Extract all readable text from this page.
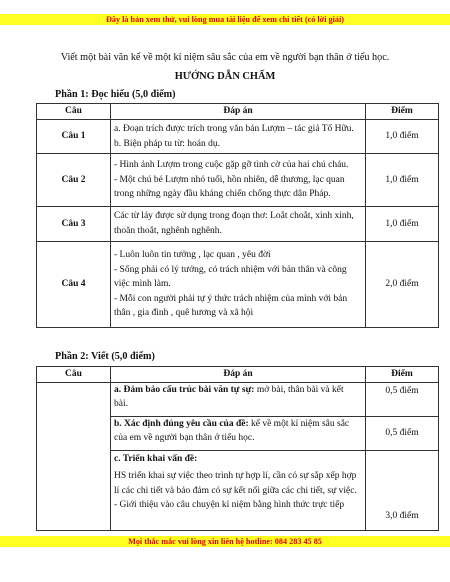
Đây là bản xem thử, vui lòng mua tài liệu để xem chi tiết (có lời giải)
Viết một bài văn kể về một kỉ niệm sâu sắc của em về người bạn thân ở tiểu học.
HƯỚNG DẪN CHẤM
Phần 1: Đọc hiểu (5,0 điểm)
Câu	Đáp án	Điểm
Câu 1	a. Đoạn trích được trích trong văn bản Lượm – tác giả Tố Hữu.
b. Biện pháp tu từ: hoán dụ.	1,0 điểm
Câu 2	- Hình ảnh Lượm trong cuộc gặp gỡ tình cờ của hai chú cháu.
- Một chú bé Lượm nhỏ tuổi, hồn nhiên, dễ thương, lạc quan
trong những ngày đầu kháng chiến chống thực dân Pháp.	1,0 điểm
Câu 3	Các từ láy được sử dụng trong đoạn thơ: Loắt choắt, xinh xinh,
thoăn thoắt, nghênh nghênh.	1,0 điểm
Câu 4	- Luôn luôn tin tưởng , lạc quan , yêu đời
- Sống phải có lý tưởng, có trách nhiệm với bản thân và công
việc mình làm.
- Mỗi con người phải tự ý thức trách nhiệm của mình với bản
thân , gia đình , quê hương và xã hội	2,0 điểm
Phần 2: Viết (5,0 điểm)
Câu	Đáp án	Điểm

	a. Đảm bảo cấu trúc bài văn tự sự: mở bài, thân bài và kết
bài.	0,5 điểm

	b. Xác định đúng yêu cầu của đề: kể về một kỉ niệm sâu sắc
của em về người bạn thân ở tiểu học.	0,5 điểm

	c. Triển khai vấn đề:
HS triển khai sự việc theo trình tự hợp lí, cần có sự sắp xếp hợp
lí các chi tiết và bảo đảm có sự kết nối giữa các chi tiết, sự việc.
- Giới thiệu vào câu chuyện kỉ niệm bằng hình thức trực tiếp	3,0 điểm
Mọi thắc mắc vui lòng xin liên hệ hotline: 084 283 45 85
